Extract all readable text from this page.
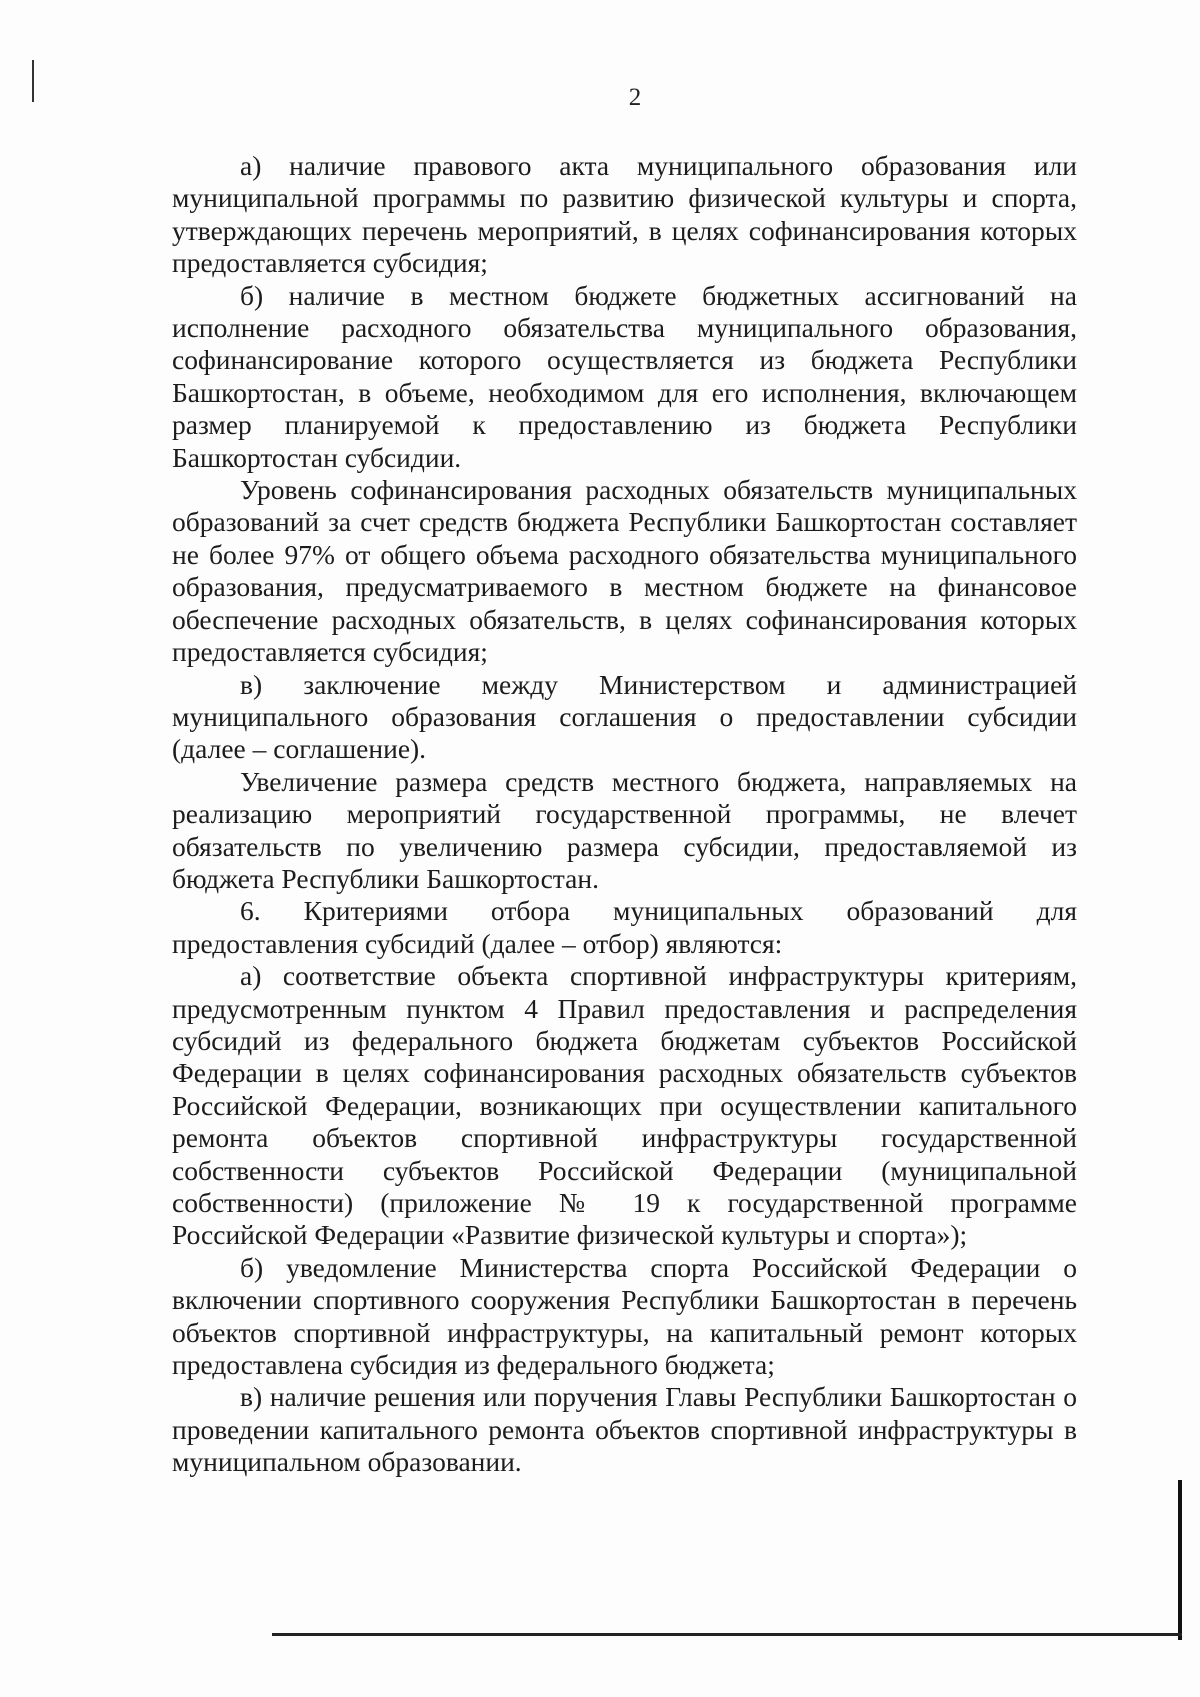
2

а) наличие правового акта муниципального образования или муниципальной программы по развитию физической культуры и спорта, утверждающих перечень мероприятий, в целях софинансирования которых предоставляется субсидия;

б) наличие в местном бюджете бюджетных ассигнований на исполнение расходного обязательства муниципального образования, софинансирование которого осуществляется из бюджета Республики Башкортостан, в объеме, необходимом для его исполнения, включающем размер планируемой к предоставлению из бюджета Республики Башкортостан субсидии.

Уровень софинансирования расходных обязательств муниципальных образований за счет средств бюджета Республики Башкортостан составляет не более 97% от общего объема расходного обязательства муниципального образования, предусматриваемого в местном бюджете на финансовое обеспечение расходных обязательств, в целях софинансирования которых предоставляется субсидия;

в) заключение между Министерством и администрацией муниципального образования соглашения о предоставлении субсидии (далее – соглашение).

Увеличение размера средств местного бюджета, направляемых на реализацию мероприятий государственной программы, не влечет обязательств по увеличению размера субсидии, предоставляемой из бюджета Республики Башкортостан.

6. Критериями отбора муниципальных образований для предоставления субсидий (далее – отбор) являются:

а) соответствие объекта спортивной инфраструктуры критериям, предусмотренным пунктом 4 Правил предоставления и распределения субсидий из федерального бюджета бюджетам субъектов Российской Федерации в целях софинансирования расходных обязательств субъектов Российской Федерации, возникающих при осуществлении капитального ремонта объектов спортивной инфраструктуры государственной собственности субъектов Российской Федерации (муниципальной собственности) (приложение № 19 к государственной программе Российской Федерации «Развитие физической культуры и спорта»);

б) уведомление Министерства спорта Российской Федерации о включении спортивного сооружения Республики Башкортостан в перечень объектов спортивной инфраструктуры, на капитальный ремонт которых предоставлена субсидия из федерального бюджета;

в) наличие решения или поручения Главы Республики Башкортостан о проведении капитального ремонта объектов спортивной инфраструктуры в муниципальном образовании.
